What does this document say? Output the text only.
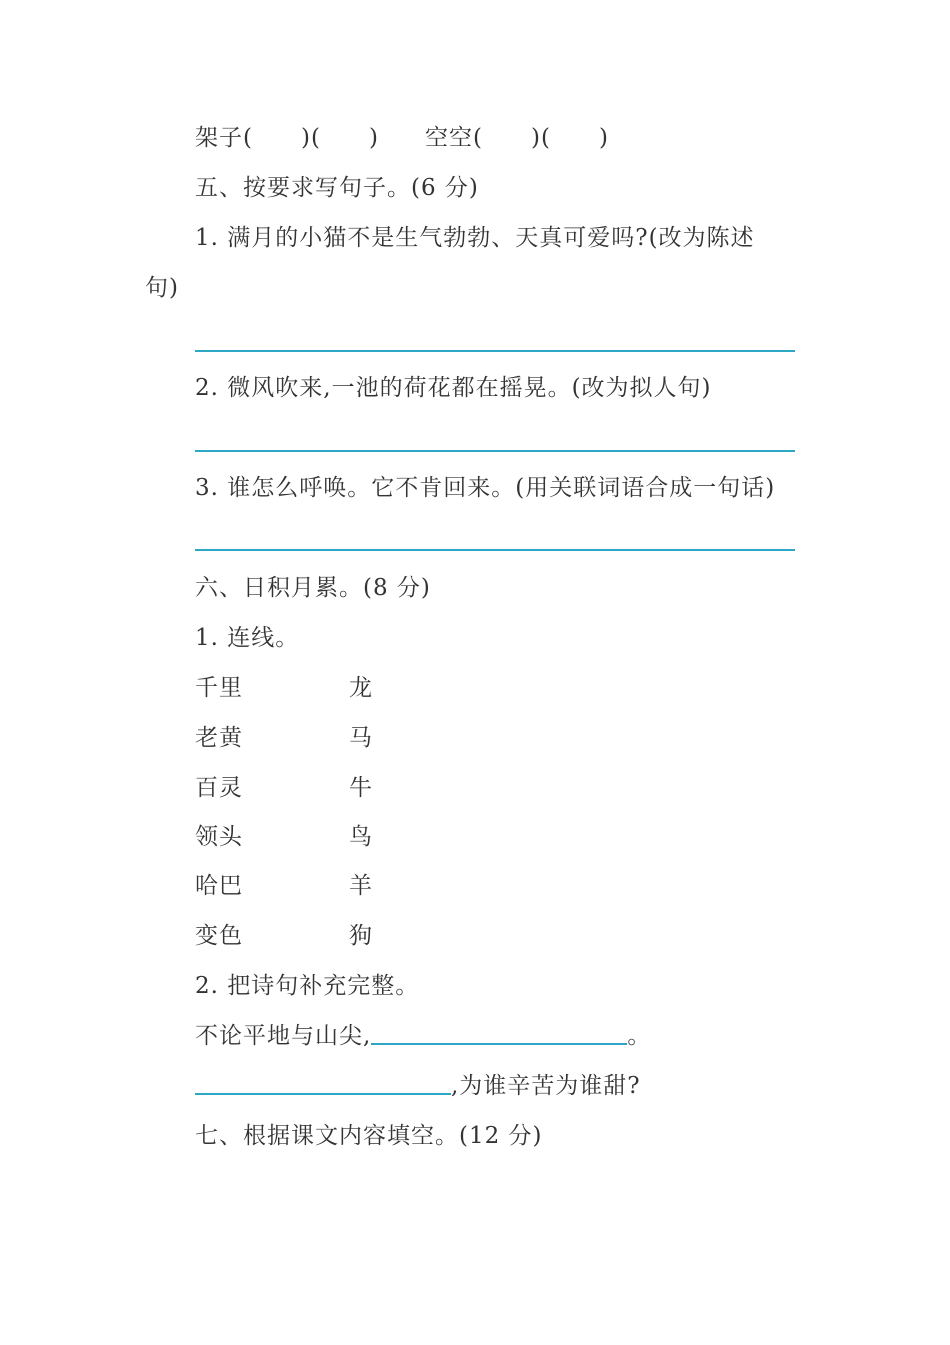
架子( )( ) 空空( )( )
五、按要求写句子。(6 分)
1. 满月的小猫不是生气勃勃、天真可爱吗?(改为陈述
句)
2. 微风吹来,一池的荷花都在摇晃。(改为拟人句)
3. 谁怎么呼唤。它不肯回来。(用关联词语合成一句话)
六、日积月累。(8 分)
1. 连线。
千里	龙
老黄	马
百灵	牛
领头	鸟
哈巴	羊
变色	狗
2. 把诗句补充完整。
不论平地与山尖,	。
,为谁辛苦为谁甜?
七、根据课文内容填空。(12 分)
